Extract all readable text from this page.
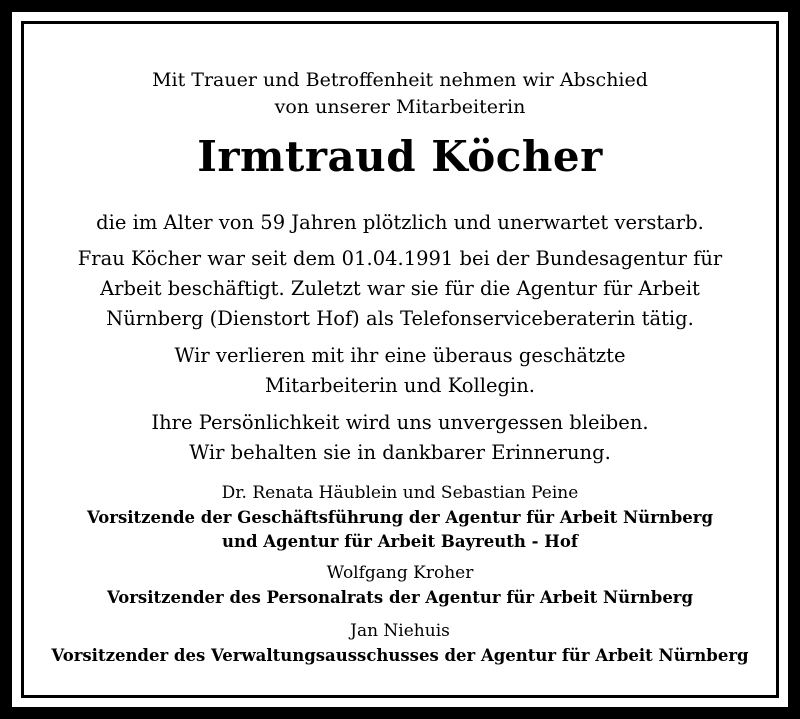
Mit Trauer und Betroffenheit nehmen wir Abschied
von unserer Mitarbeiterin
Irmtraud Köcher
die im Alter von 59 Jahren plötzlich und unerwartet verstarb.
Frau Köcher war seit dem 01.04.1991 bei der Bundesagentur für
Arbeit beschäftigt. Zuletzt war sie für die Agentur für Arbeit
Nürnberg (Dienstort Hof) als Telefonserviceberaterin tätig.
Wir verlieren mit ihr eine überaus geschätzte
Mitarbeiterin und Kollegin.
Ihre Persönlichkeit wird uns unvergessen bleiben.
Wir behalten sie in dankbarer Erinnerung.
Dr. Renata Häublein und Sebastian Peine
Vorsitzende der Geschäftsführung der Agentur für Arbeit Nürnberg
und Agentur für Arbeit Bayreuth - Hof
Wolfgang Kroher
Vorsitzender des Personalrats der Agentur für Arbeit Nürnberg
Jan Niehuis
Vorsitzender des Verwaltungsausschusses der Agentur für Arbeit Nürnberg
